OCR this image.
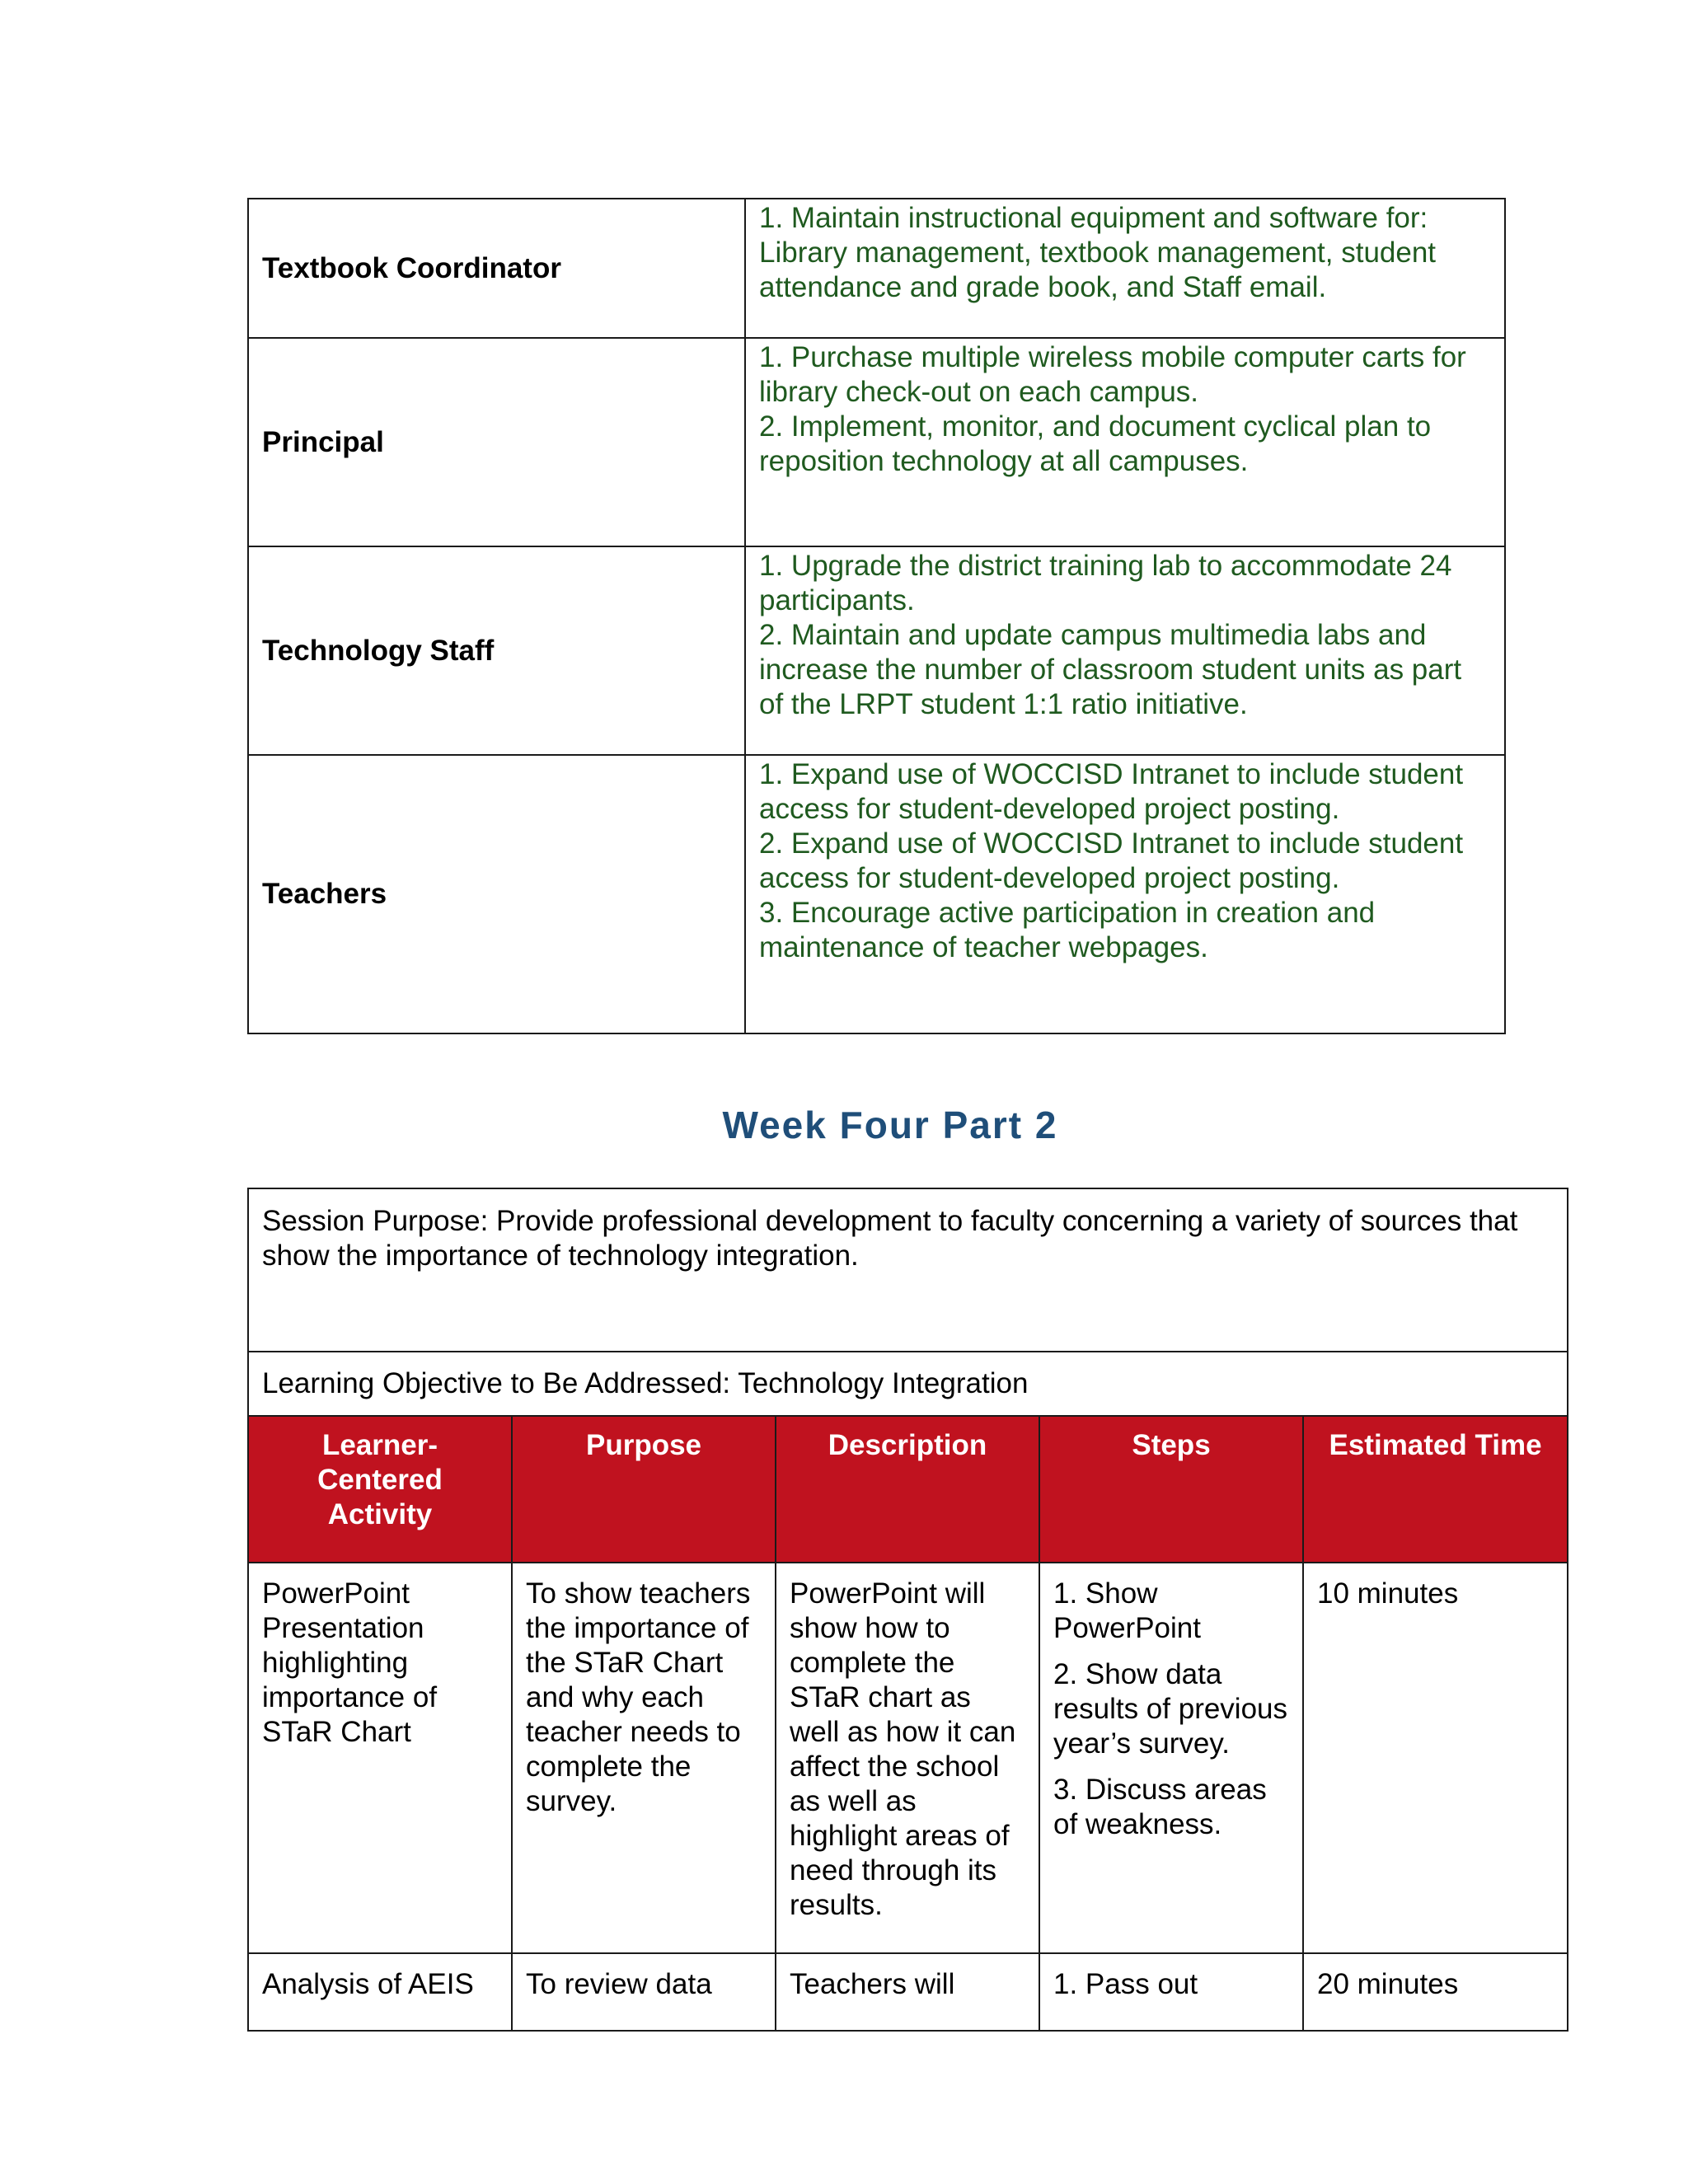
Textbook Coordinator	1. Maintain instructional equipment and software for: Library management, textbook management, student attendance and grade book, and Staff email.

Principal	1. Purchase multiple wireless mobile computer carts for library check-out on each campus.
2. Implement, monitor, and document cyclical plan to reposition technology at all campuses.

Technology Staff	1. Upgrade the district training lab to accommodate 24 participants.
2. Maintain and update campus multimedia labs and increase the number of classroom student units as part of the LRPT student 1:1 ratio initiative.

Teachers	1. Expand use of WOCCISD Intranet to include student access for student-developed project posting.
2. Expand use of WOCCISD Intranet to include student access for student-developed project posting.
3. Encourage active participation in creation and maintenance of teacher webpages.
Week Four Part 2
Session Purpose: Provide professional development to faculty concerning a variety of sources that show the importance of technology integration.				
Learning Objective to Be Addressed: Technology Integration				
Learner-Centered Activity	Purpose	Description	Steps	Estimated Time
PowerPoint Presentation highlighting importance of STaR Chart	To show teachers the importance of the STaR Chart and why each teacher needs to complete the survey.	PowerPoint will show how to complete the STaR chart as well as how it can affect the school as well as highlight areas of need through its results.	1. Show PowerPoint

2. Show data results of previous year’s survey.

3. Discuss areas of weakness.	10 minutes
Analysis of AEIS	To review data	Teachers will	1. Pass out	20 minutes
